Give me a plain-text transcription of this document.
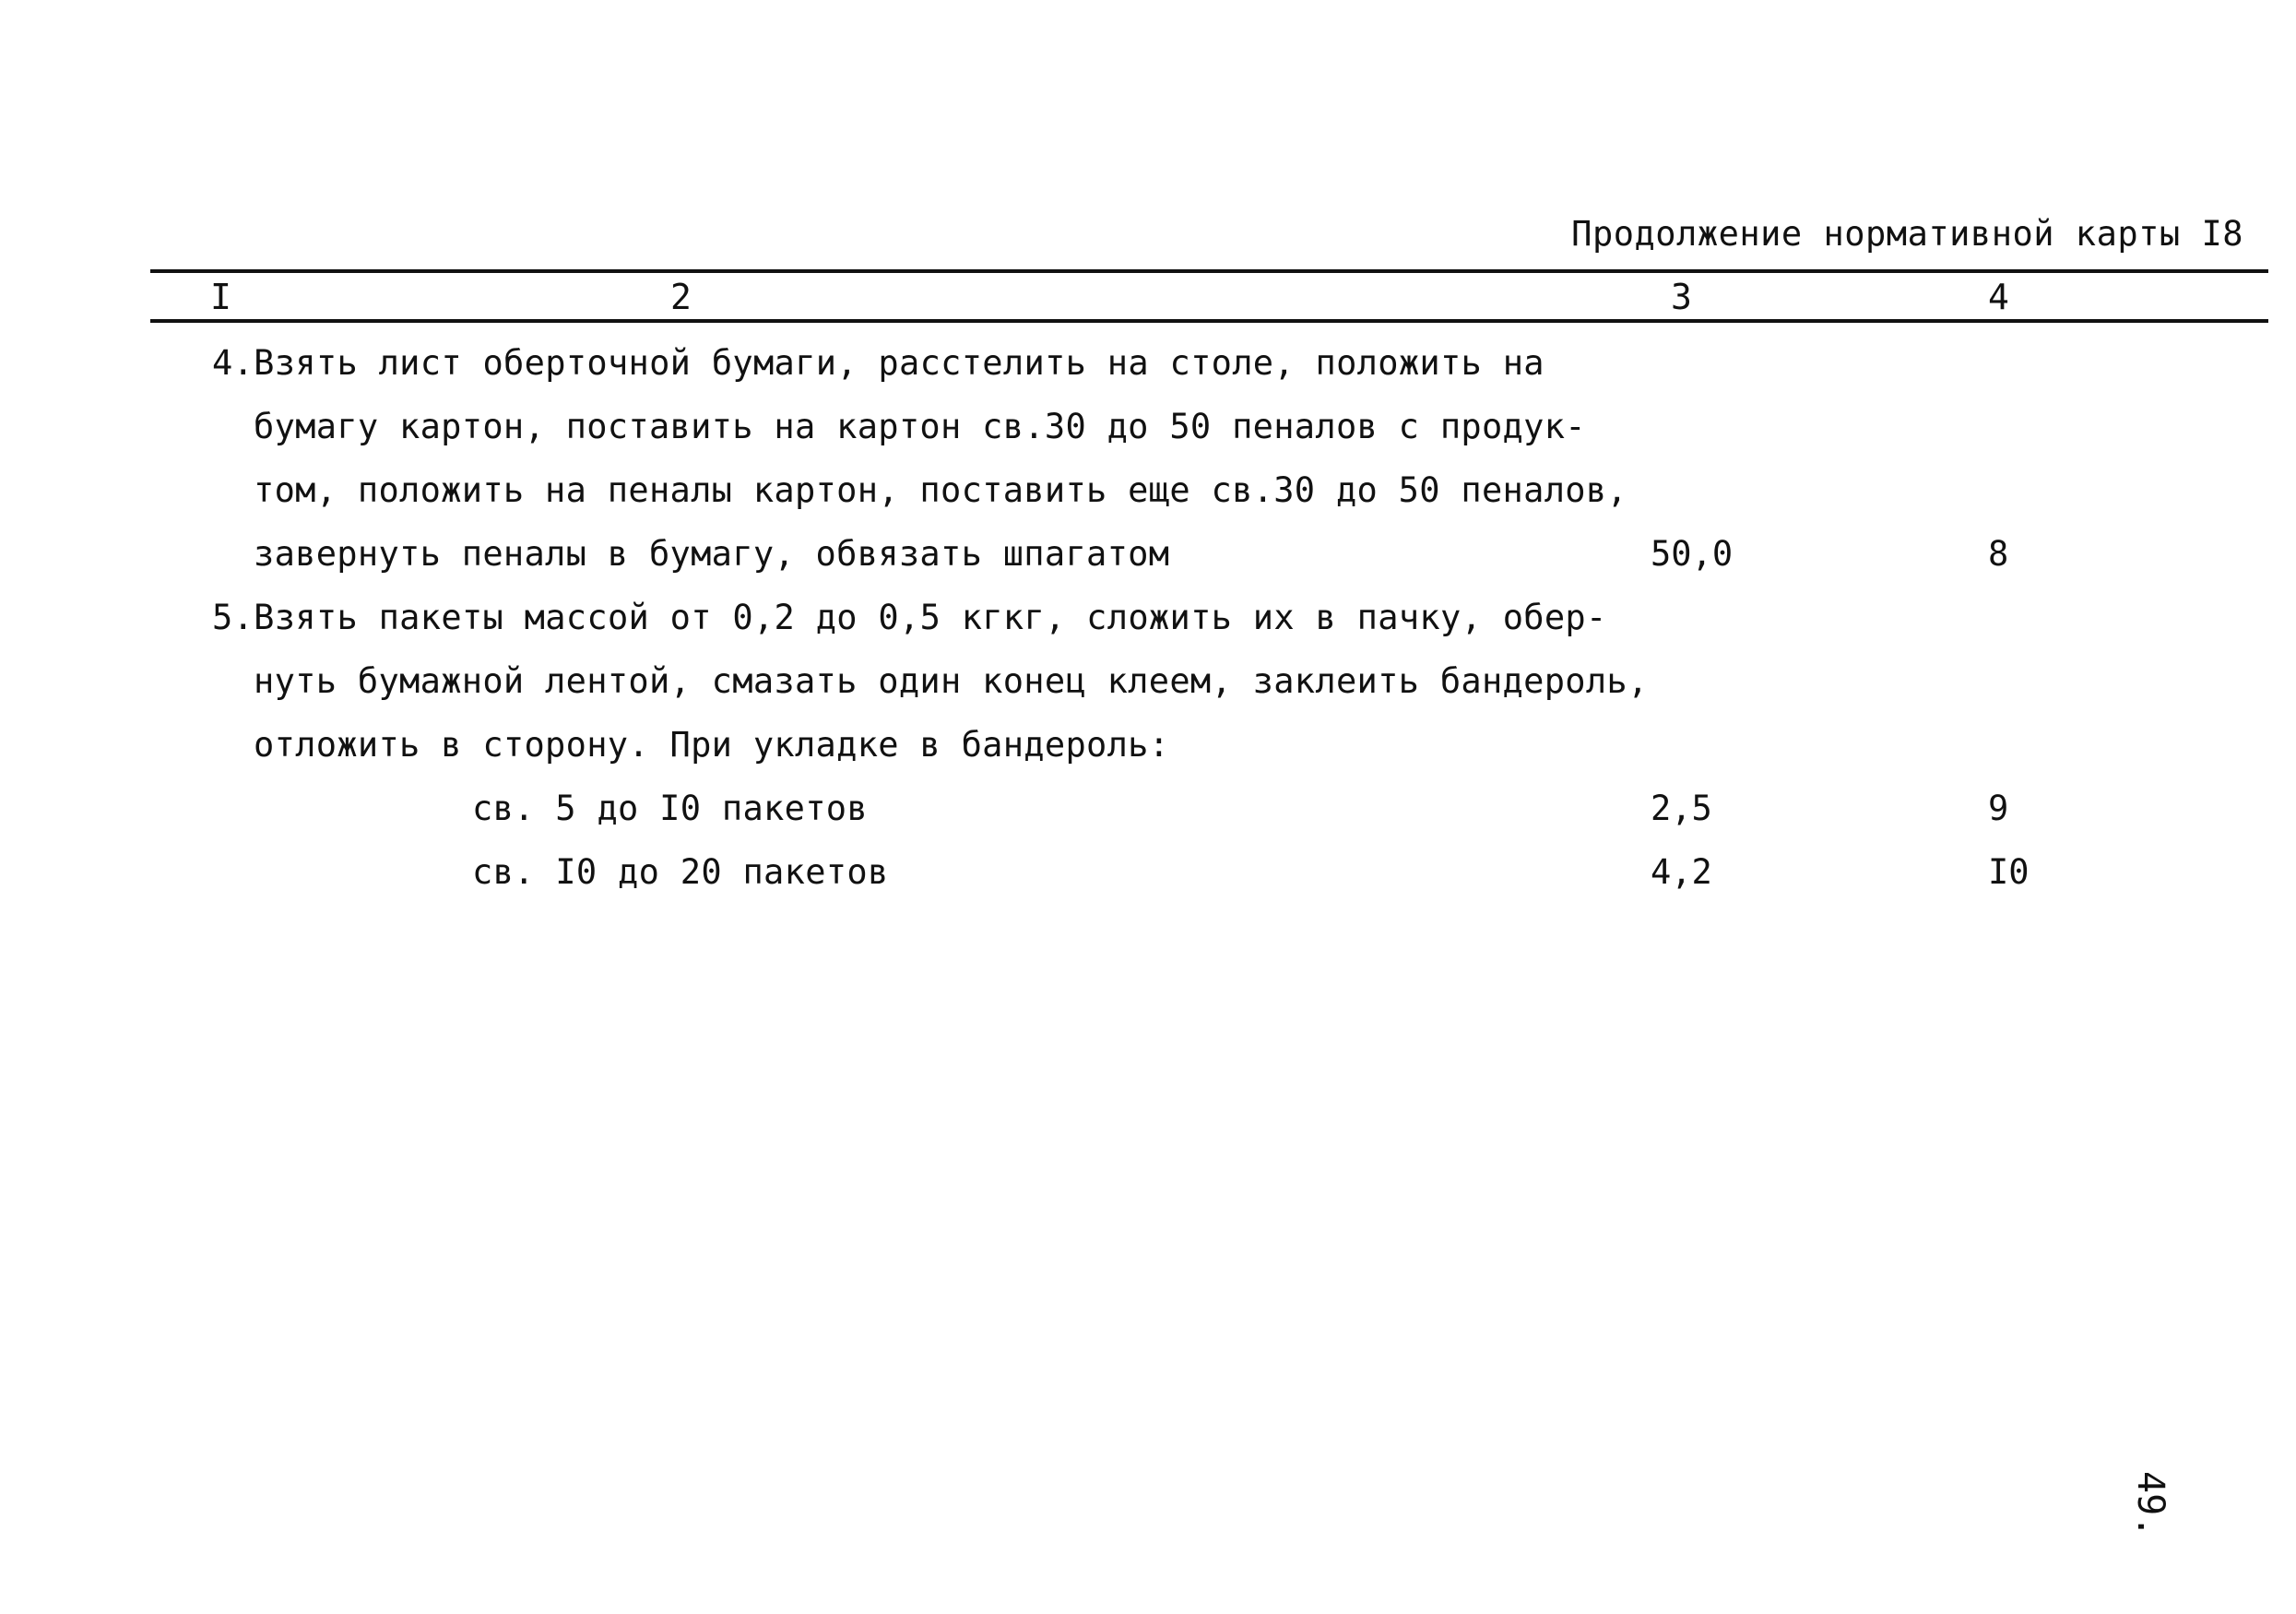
Продолжение нормативной карты I8
I	2	3	4
4.Взять лист оберточной бумаги, расстелить на столе, положить на
бумагу картон, поставить на картон св.30 до 50 пеналов с продук-
том, положить на пеналы картон, поставить еще св.30 до 50 пеналов,
завернуть пеналы в бумагу, обвязать шпагатом	50,0	8
5.Взять пакеты массой от 0,2 до 0,5 кгкг, сложить их в пачку, обер-
нуть бумажной лентой, смазать один конец клеем, заклеить бандероль,
отложить в сторону. При укладке в бандероль:
св. 5 до I0 пакетов	2,5	9
св. I0 до 20 пакетов	4,2	I0
49.
